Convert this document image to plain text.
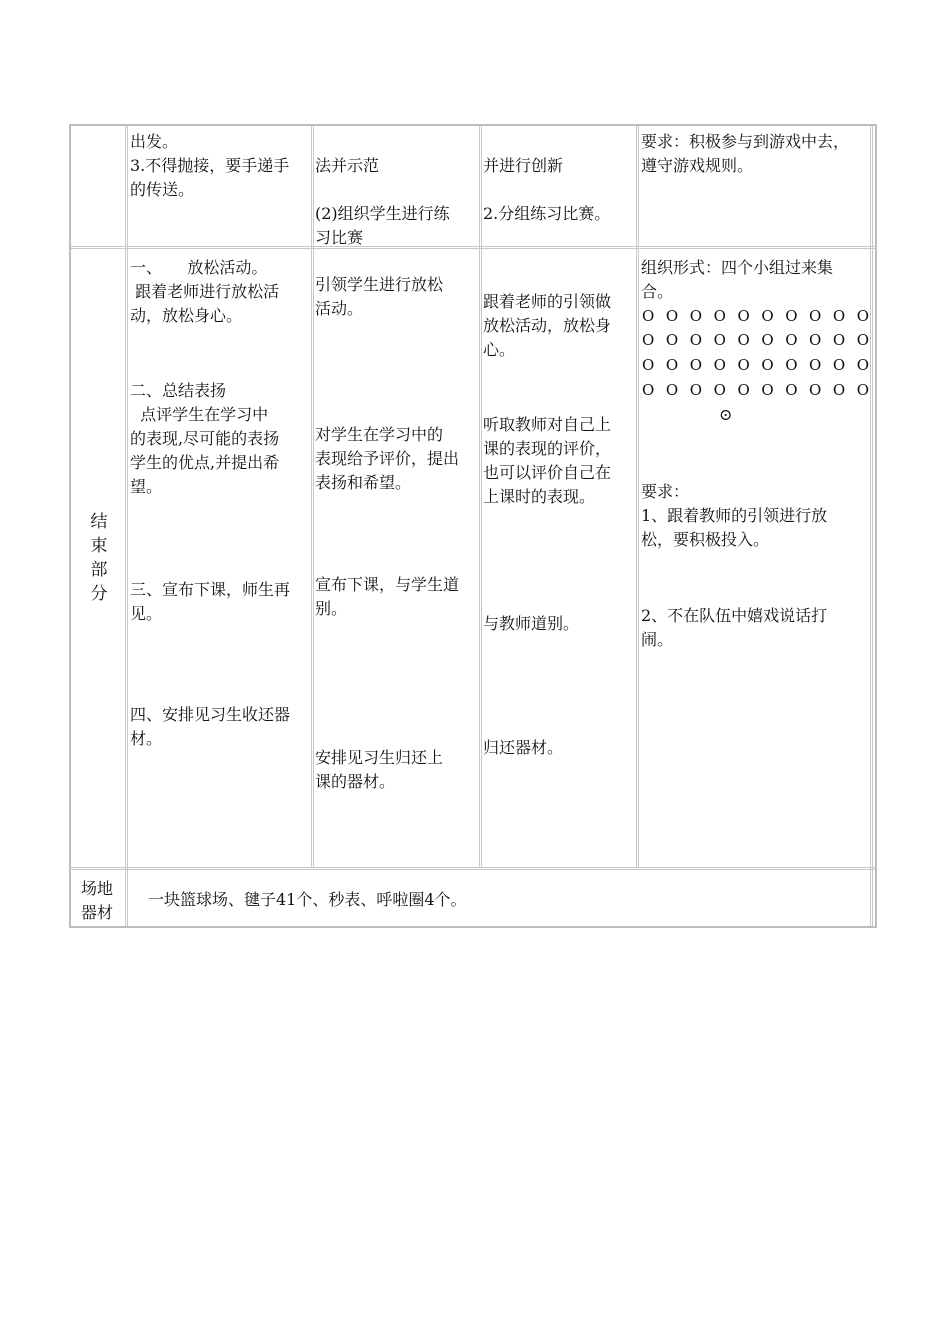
出发。
3.不得抛接，要手递手
的传送。
法并示范
(2)组织学生进行练
习比赛
并进行创新
2.分组练习比赛。
要求：积极参与到游戏中去，
遵守游戏规则。
结
束
部
分
一、     放松活动。
跟着老师进行放松活
动，放松身心。
二、总结表扬
点评学生在学习中
的表现,尽可能的表扬
学生的优点,并提出希
望。
三、宣布下课，师生再
见。
四、安排见习生收还器
材。
引领学生进行放松
活动。
对学生在学习中的
表现给予评价，提出
表扬和希望。
宣布下课，与学生道
别。
安排见习生归还上
课的器材。
跟着老师的引领做
放松活动，放松身
心。
听取教师对自己上
课的表现的评价，
也可以评价自己在
上课时的表现。
与教师道别。
归还器材。
组织形式：四个小组过来集
合。
O O O O O O O O O O
O O O O O O O O O O
O O O O O O O O O O
O O O O O O O O O O
⊙
要求：
1、跟着教师的引领进行放
松，要积极投入。
2、不在队伍中嬉戏说话打
闹。
场地
器材
一块篮球场、毽子41个、秒表、呼啦圈4个。
